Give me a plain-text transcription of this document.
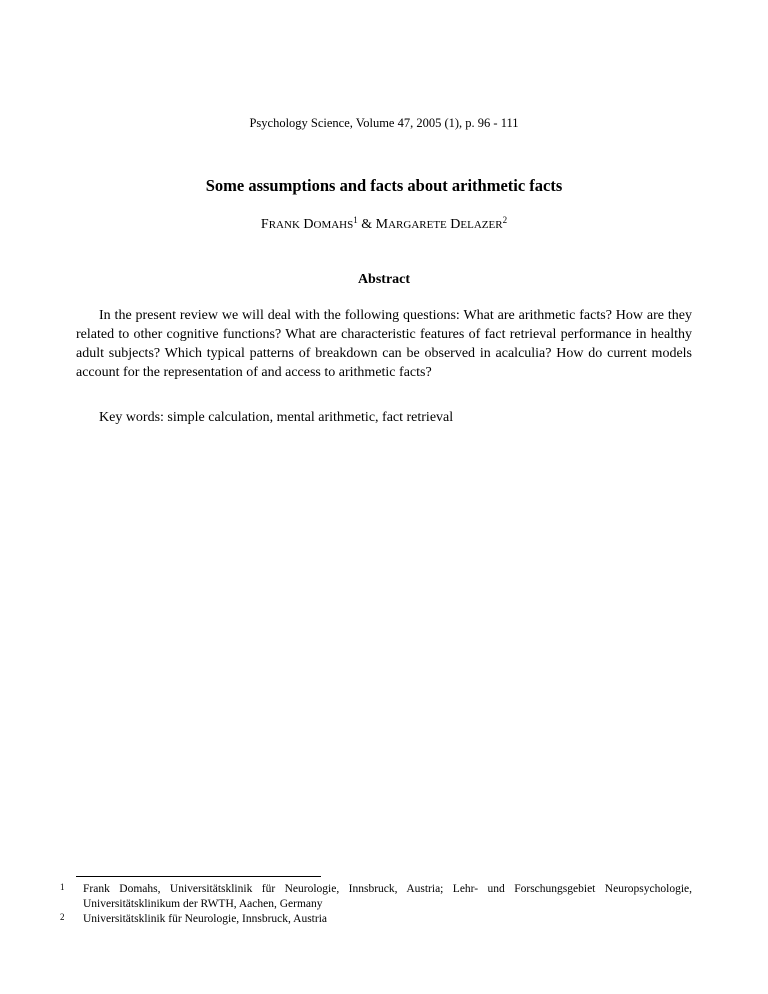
Psychology Science, Volume 47, 2005 (1), p. 96 - 111
Some assumptions and facts about arithmetic facts
FRANK DOMAHS$^1$ & MARGARETE DELAZER$^2$
Abstract

In the present review we will deal with the following questions: What are arithmetic facts? How are they related to other cognitive functions? What are characteristic features of fact retrieval performance in healthy adult subjects? Which typical patterns of breakdown can be observed in acalculia? How do current models account for the representation of and access to arithmetic facts?

Key words: simple calculation, mental arithmetic, fact retrieval

1 Frank Domahs, Universitätsklinik für Neurologie, Innsbruck, Austria; Lehr- und Forschungsgebiet Neuropsychologie, Universitätsklinikum der RWTH, Aachen, Germany
2 Universitätsklinik für Neurologie, Innsbruck, Austria
